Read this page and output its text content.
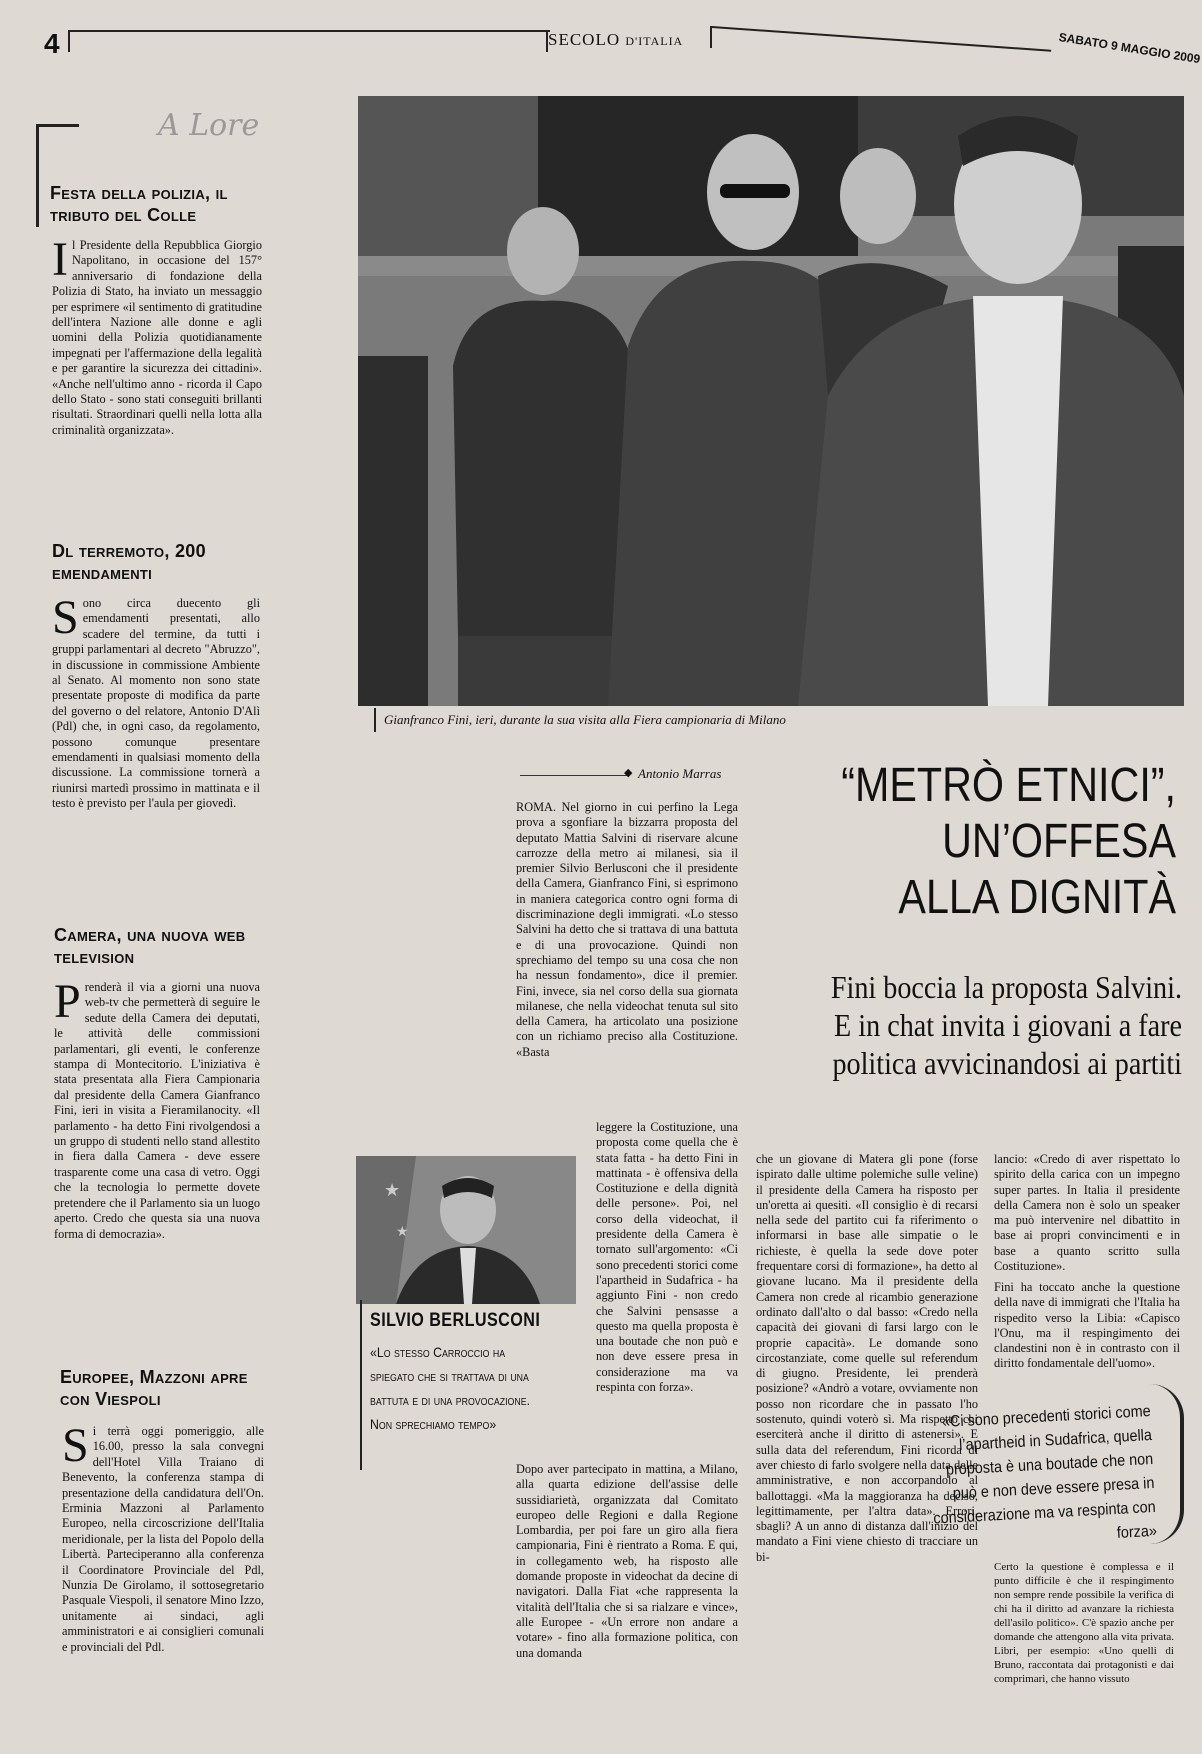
4	SECOLO D'ITALIA	SABATO 9 MAGGIO 2009
A Lore
Festa della polizia, il tributo del Colle
Il Presidente della Repubblica Giorgio Napolitano, in occasione del 157° anniversario di fondazione della Polizia di Stato, ha inviato un messaggio per esprimere «il sentimento di gratitudine dell'intera Nazione alle donne e agli uomini della Polizia quotidianamente impegnati per l'affermazione della legalità e per garantire la sicurezza dei cittadini». «Anche nell'ultimo anno - ricorda il Capo dello Stato - sono stati conseguiti brillanti risultati. Straordinari quelli nella lotta alla criminalità organizzata».
Dl terremoto, 200 emendamenti
Sono circa duecento gli emendamenti presentati, allo scadere del termine, da tutti i gruppi parlamentari al decreto "Abruzzo", in discussione in commissione Ambiente al Senato. Al momento non sono state presentate proposte di modifica da parte del governo o del relatore, Antonio D'Alì (Pdl) che, in ogni caso, da regolamento, possono comunque presentare emendamenti in qualsiasi momento della discussione. La commissione tornerà a riunirsi martedì prossimo in mattinata e il testo è previsto per l'aula per giovedì.
Camera, una nuova web television
Prenderà il via a giorni una nuova web-tv che permetterà di seguire le sedute della Camera dei deputati, le attività delle commissioni parlamentari, gli eventi, le conferenze stampa di Montecitorio. L'iniziativa è stata presentata alla Fiera Campionaria dal presidente della Camera Gianfranco Fini, ieri in visita a Fieramilanocity. «Il parlamento - ha detto Fini rivolgendosi a un gruppo di studenti nello stand allestito in fiera dalla Camera - deve essere trasparente come una casa di vetro. Oggi che la tecnologia lo permette dovete pretendere che il Parlamento sia un luogo aperto. Credo che questa sia una nuova forma di democrazia».
Europee, Mazzoni apre con Viespoli
Si terrà oggi pomeriggio, alle 16.00, presso la sala convegni dell'Hotel Villa Traiano di Benevento, la conferenza stampa di presentazione della candidatura dell'On. Erminia Mazzoni al Parlamento Europeo, nella circoscrizione dell'Italia meridionale, per la lista del Popolo della Libertà. Parteciperanno alla conferenza il Coordinatore Provinciale del Pdl, Nunzia De Girolamo, il sottosegretario Pasquale Viespoli, il senatore Mino Izzo, unitamente ai sindaci, agli amministratori e ai consiglieri comunali e provinciali del Pdl.
Gianfranco Fini, ieri, durante la sua visita alla Fiera campionaria di Milano
◆ Antonio Marras	“METRÒ ETNICI”,
UN’OFFESA
ALLA DIGNITÀ
Fini boccia la proposta Salvini. E in chat invita i giovani a fare politica avvicinandosi ai partiti
ROMA. Nel giorno in cui perfino la Lega prova a sgonfiare la bizzarra proposta del deputato Mattia Salvini di riservare alcune carrozze della metro ai milanesi, sia il premier Silvio Berlusconi che il presidente della Camera, Gianfranco Fini, si esprimono in maniera categorica contro ogni forma di discriminazione degli immigrati. «Lo stesso Salvini ha detto che si trattava di una battuta e di una provocazione. Quindi non sprechiamo del tempo su una cosa che non ha nessun fondamento», dice il premier. Fini, invece, sia nel corso della sua giornata milanese, che nella videochat tenuta sul sito della Camera, ha articolato una posizione con un richiamo preciso alla Costituzione. «Basta
leggere la Costituzione, una proposta come quella che è stata fatta - ha detto Fini in mattinata - è offensiva della Costituzione e della dignità delle persone». Poi, nel corso della videochat, il presidente della Camera è tornato sull'argomento: «Ci sono precedenti storici come l'apartheid in Sudafrica - ha aggiunto Fini - non credo che Salvini pensasse a questo ma quella proposta è una boutade che non può e non deve essere presa in considerazione ma va respinta con forza».
Dopo aver partecipato in mattina, a Milano, alla quarta edizione dell'assise delle sussidiarietà, organizzata dal Comitato europeo delle Regioni e dalla Regione Lombardia, per poi fare un giro alla fiera campionaria, Fini è rientrato a Roma. E qui, in collegamento web, ha risposto alle domande proposte in videochat da decine di navigatori. Dalla Fiat «che rappresenta la vitalità dell'Italia che si sa rialzare e vince», alle Europee - «Un errore non andare a votare» - fino alla formazione politica, con una domanda
che un giovane di Matera gli pone (forse ispirato dalle ultime polemiche sulle veline) il presidente della Camera ha risposto per un'oretta ai quesiti. «Il consiglio è di recarsi nella sede del partito cui fa riferimento o informarsi in base alle simpatie o le richieste, è quella la sede dove poter frequentare corsi di formazione», ha detto al giovane lucano. Ma il presidente della Camera non crede al ricambio generazione ordinato dall'alto o dal basso: «Credo nella capacità dei giovani di farsi largo con le proprie capacità». Le domande sono circostanziate, come quelle sul referendum di giugno. Presidente, lei prenderà posizione? «Andrò a votare, ovviamente non posso non ricordare che in passato l'ho sostenuto, quindi voterò sì. Ma rispetto chi eserciterà anche il diritto di astenersi». E sulla data del referendum, Fini ricorda di aver chiesto di farlo svolgere nella data delle amministrative, e non accorpandolo al ballottaggi. «Ma la maggioranza ha deciso, legittimamente, per l'altra data». Errori, sbagli? A un anno di distanza dall'inizio del mandato a Fini viene chiesto di tracciare un bi-
lancio: «Credo di aver rispettato lo spirito della carica con un impegno super partes. In Italia il presidente della Camera non è solo un speaker ma può intervenire nel dibattito in base ai propri convincimenti e in base a quanto scritto sulla Costituzione».
Fini ha toccato anche la questione della nave di immigrati che l'Italia ha rispedito verso la Libia: «Capisco l'Onu, ma il respingimento dei clandestini non è in contrasto con il diritto fondamentale dell'uomo».
Certo la questione è complessa e il punto difficile è che il respingimento non sempre rende possibile la verifica di chi ha il diritto ad avanzare la richiesta dell'asilo politico». C'è spazio anche per domande che attengono alla vita privata. Libri, per esempio: «Uno quelli di Bruno, raccontata dai protagonisti e dai comprimari, che hanno vissuto
★
★
SILVIO BERLUSCONI
«Lo stesso Carroccio ha spiegato che si trattava di una battuta e di una provocazione. Non sprechiamo tempo»	«Ci sono precedenti storici come l’apartheid in Sudafrica, quella proposta è una boutade che non può e non deve essere presa in considerazione ma va respinta con forza»
